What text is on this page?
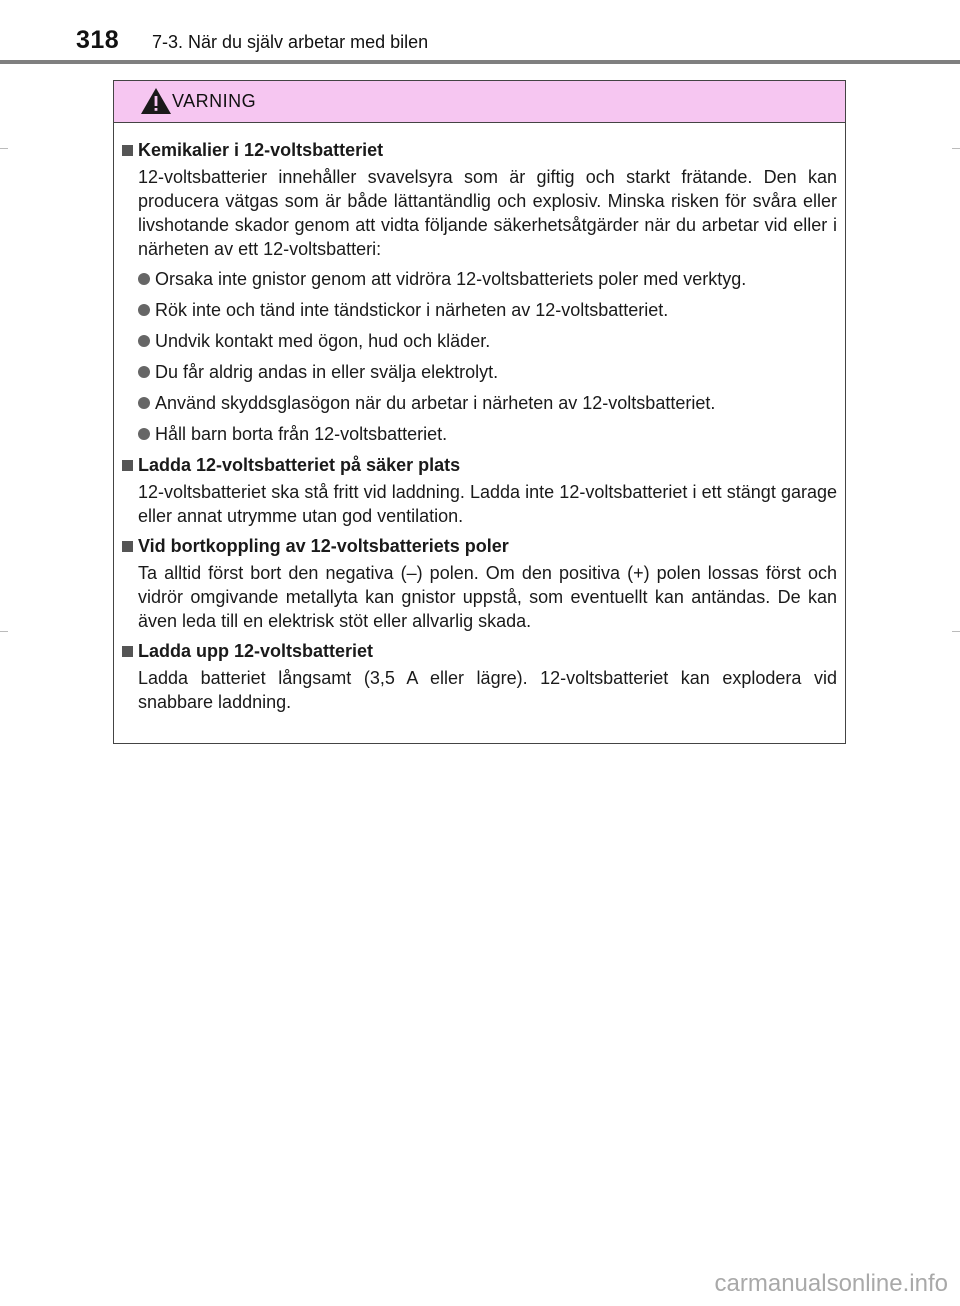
318 7-3. När du själv arbetar med bilen
VARNING
Kemikalier i 12-voltsbatteriet
12-voltsbatterier innehåller svavelsyra som är giftig och starkt frätande. Den kan producera vätgas som är både lättantändlig och explosiv. Minska risken för svåra eller livshotande skador genom att vidta följande säkerhetsåtgärder när du arbetar vid eller i närheten av ett 12-voltsbatteri:
Orsaka inte gnistor genom att vidröra 12-voltsbatteriets poler med verktyg.
Rök inte och tänd inte tändstickor i närheten av 12-voltsbatteriet.
Undvik kontakt med ögon, hud och kläder.
Du får aldrig andas in eller svälja elektrolyt.
Använd skyddsglasögon när du arbetar i närheten av 12-voltsbatteriet.
Håll barn borta från 12-voltsbatteriet.
Ladda 12-voltsbatteriet på säker plats
12-voltsbatteriet ska stå fritt vid laddning. Ladda inte 12-voltsbatteriet i ett stängt garage eller annat utrymme utan god ventilation.
Vid bortkoppling av 12-voltsbatteriets poler
Ta alltid först bort den negativa (–) polen. Om den positiva (+) polen lossas först och vidrör omgivande metallyta kan gnistor uppstå, som eventuellt kan antändas. De kan även leda till en elektrisk stöt eller allvarlig skada.
Ladda upp 12-voltsbatteriet
Ladda batteriet långsamt (3,5 A eller lägre). 12-voltsbatteriet kan explodera vid snabbare laddning.
carmanualsonline.info
